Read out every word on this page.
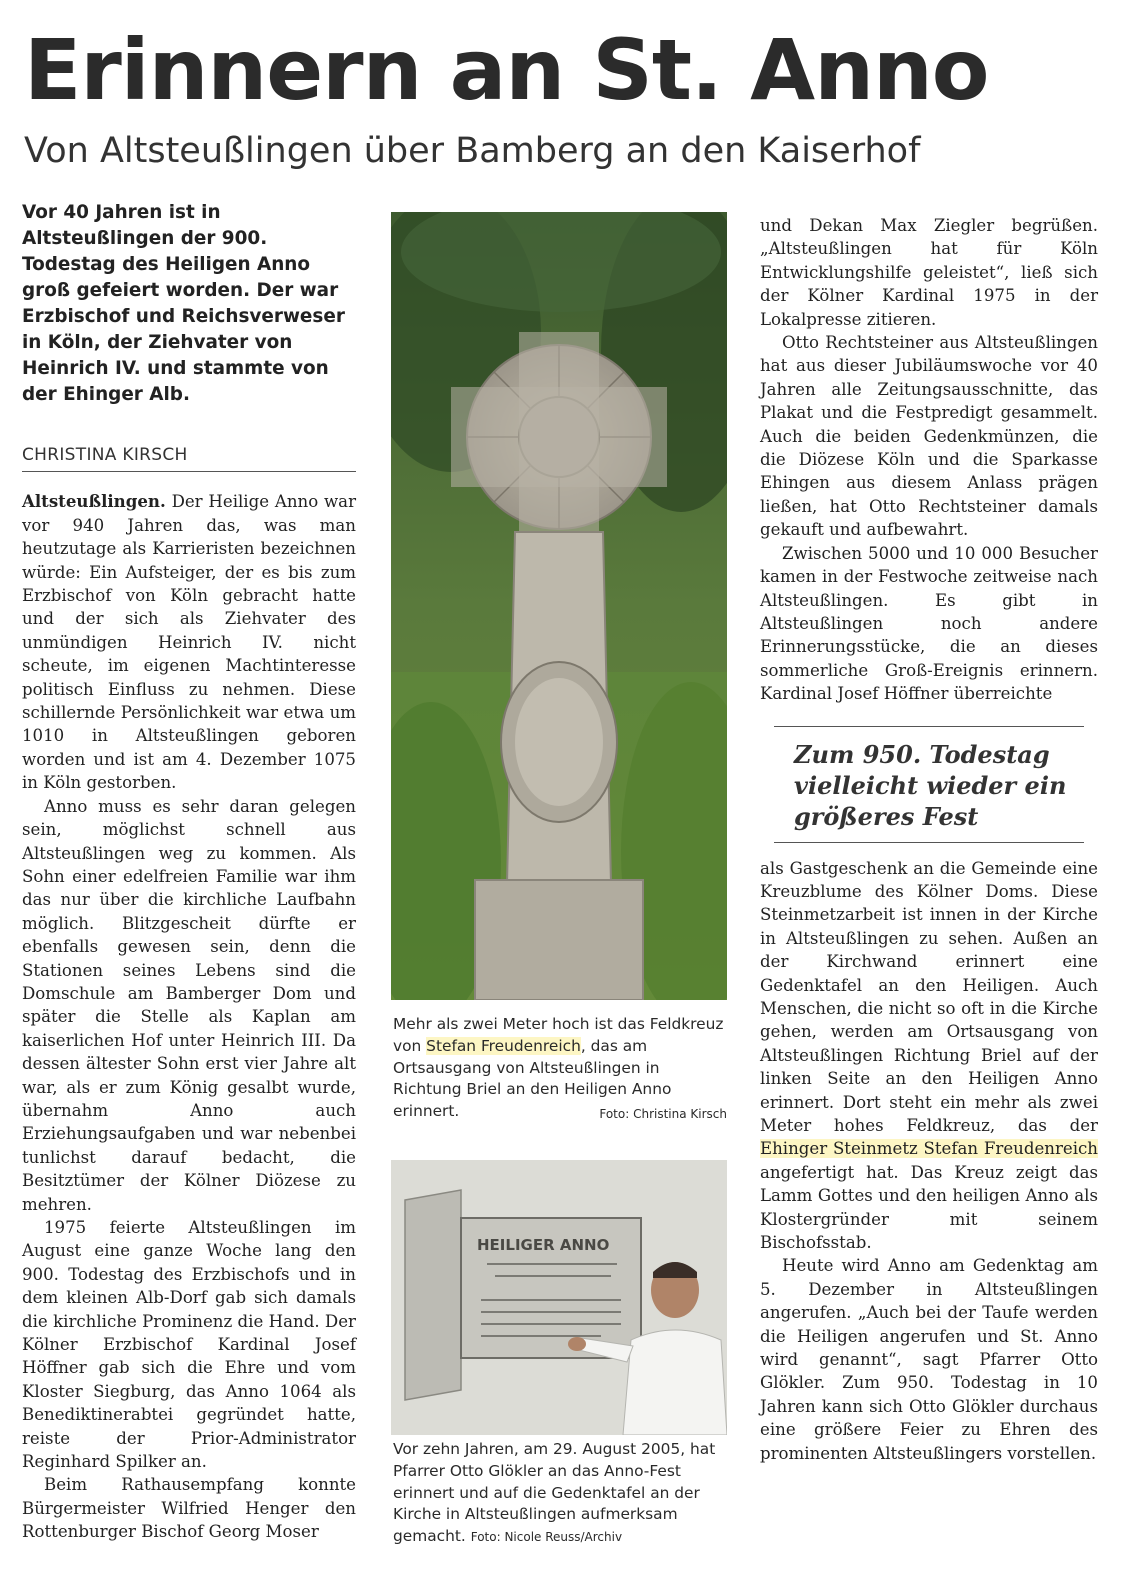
Erinnern an St. Anno
Von Altsteußlingen über Bamberg an den Kaiserhof

Vor 40 Jahren ist in Altsteußlingen der 900. Todestag des Heiligen Anno groß gefeiert worden. Der war Erzbischof und Reichsverweser in Köln, der Ziehvater von Heinrich IV. und stammte von der Ehinger Alb.

CHRISTINA KIRSCH

Altsteußlingen. Der Heilige Anno war vor 940 Jahren das, was man heutzutage als Karrieristen bezeichnen würde: Ein Aufsteiger, der es bis zum Erzbischof von Köln gebracht hatte und der sich als Ziehvater des unmündigen Heinrich IV. nicht scheute, im eigenen Machtinteresse politisch Einfluss zu nehmen. Diese schillernde Persönlichkeit war etwa um 1010 in Altsteußlingen geboren worden und ist am 4. Dezember 1075 in Köln gestorben.

Anno muss es sehr daran gelegen sein, möglichst schnell aus Altsteußlingen weg zu kommen. Als Sohn einer edelfreien Familie war ihm das nur über die kirchliche Laufbahn möglich. Blitzgescheit dürfte er ebenfalls gewesen sein, denn die Stationen seines Lebens sind die Domschule am Bamberger Dom und später die Stelle als Kaplan am kaiserlichen Hof unter Heinrich III. Da dessen ältester Sohn erst vier Jahre alt war, als er zum König gesalbt wurde, übernahm Anno auch Erziehungsaufgaben und war nebenbei tunlichst darauf bedacht, die Besitztümer der Kölner Diözese zu mehren.

1975 feierte Altsteußlingen im August eine ganze Woche lang den 900. Todestag des Erzbischofs und in dem kleinen Alb-Dorf gab sich damals die kirchliche Prominenz die Hand. Der Kölner Erzbischof Kardinal Josef Höffner gab sich die Ehre und vom Kloster Siegburg, das Anno 1064 als Benediktinerabtei gegründet hatte, reiste der Prior-Administrator Reginhard Spilker an.

Beim Rathausempfang konnte Bürgermeister Wilfried Henger den Rottenburger Bischof Georg Moser

Mehr als zwei Meter hoch ist das Feldkreuz von Stefan Freudenreich, das am Ortsausgang von Altsteußlingen in Richtung Briel an den Heiligen Anno erinnert.	Foto: Christina Kirsch
HEILIGER ANNO
Vor zehn Jahren, am 29. August 2005, hat Pfarrer Otto Glökler an das Anno-Fest erinnert und auf die Gedenktafel an der Kirche in Altsteußlingen aufmerksam gemacht. Foto: Nicole Reuss/Archiv

und Dekan Max Ziegler begrüßen. „Altsteußlingen hat für Köln Entwicklungshilfe geleistet“, ließ sich der Kölner Kardinal 1975 in der Lokalpresse zitieren.

Otto Rechtsteiner aus Altsteußlingen hat aus dieser Jubiläumswoche vor 40 Jahren alle Zeitungsausschnitte, das Plakat und die Festpredigt gesammelt. Auch die beiden Gedenkmünzen, die die Diözese Köln und die Sparkasse Ehingen aus diesem Anlass prägen ließen, hat Otto Rechtsteiner damals gekauft und aufbewahrt.

Zwischen 5000 und 10 000 Besucher kamen in der Festwoche zeitweise nach Altsteußlingen. Es gibt in Altsteußlingen noch andere Erinnerungsstücke, die an dieses sommerliche Groß-Ereignis erinnern. Kardinal Josef Höffner überreichte

Zum 950. Todestag vielleicht wieder ein größeres Fest

als Gastgeschenk an die Gemeinde eine Kreuzblume des Kölner Doms. Diese Steinmetzarbeit ist innen in der Kirche in Altsteußlingen zu sehen. Außen an der Kirchwand erinnert eine Gedenktafel an den Heiligen. Auch Menschen, die nicht so oft in die Kirche gehen, werden am Ortsausgang von Altsteußlingen Richtung Briel auf der linken Seite an den Heiligen Anno erinnert. Dort steht ein mehr als zwei Meter hohes Feldkreuz, das der Ehinger Steinmetz Stefan Freudenreich angefertigt hat. Das Kreuz zeigt das Lamm Gottes und den heiligen Anno als Klostergründer mit seinem Bischofsstab.

Heute wird Anno am Gedenktag am 5. Dezember in Altsteußlingen angerufen. „Auch bei der Taufe werden die Heiligen angerufen und St. Anno wird genannt“, sagt Pfarrer Otto Glökler. Zum 950. Todestag in 10 Jahren kann sich Otto Glökler durchaus eine größere Feier zu Ehren des prominenten Altsteußlingers vorstellen.
